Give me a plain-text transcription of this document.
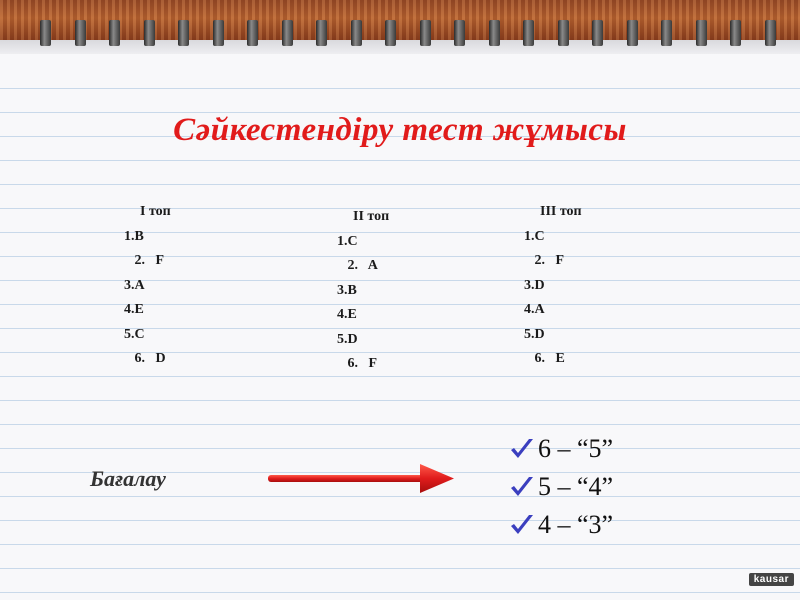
Сәйкестендіру тест жұмысы
I топ
1.B
2.   F
3.A
4.E
5.C
6.   D
II топ
1.C
2.   A
3.B
4.E
5.D
6.   F
III топ
1.C
2.   F
3.D
4.A
5.D
6.   E
Бағалау
6 – “5”
5 – “4”
4 – “3”
kausar
